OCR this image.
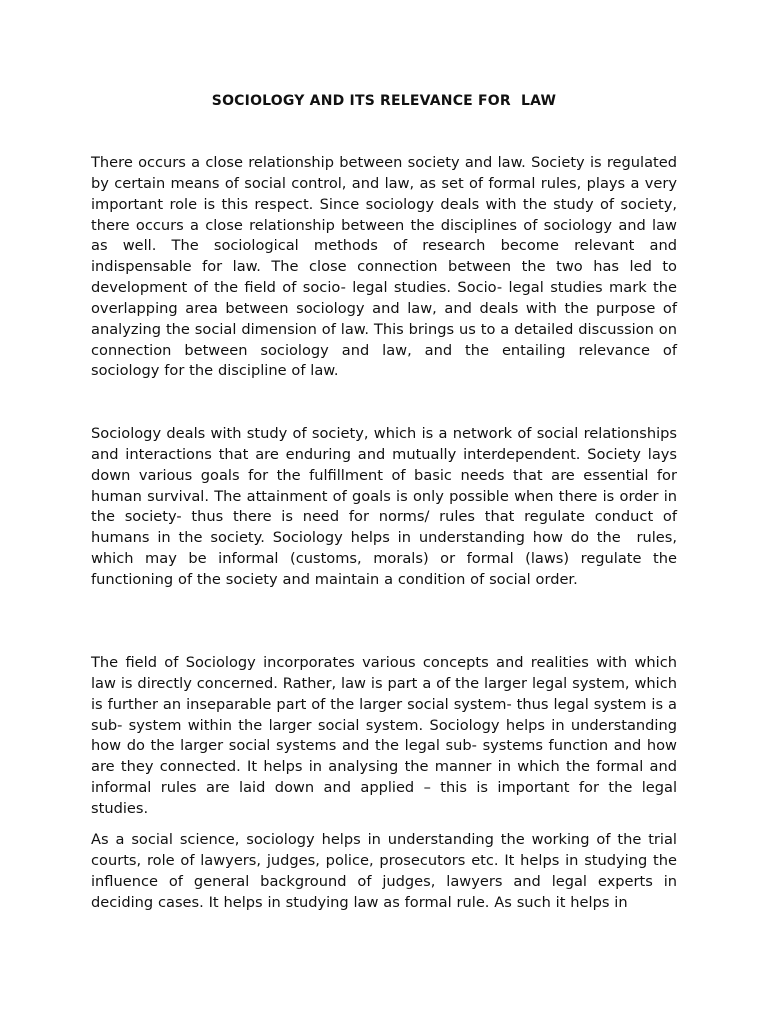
SOCIOLOGY AND ITS RELEVANCE FOR  LAW

There occurs a close relationship between society and law. Society is regulated by certain means of social control, and law, as set of formal rules, plays a very important role is this respect. Since sociology deals with the study of society, there occurs a close relationship between the disciplines of sociology and law as well. The sociological methods of research become relevant and indispensable for law. The close connection between the two has led to development of the field of socio- legal studies. Socio- legal studies mark the overlapping area between sociology and law, and deals with the purpose of analyzing the social dimension of law. This brings us to a detailed discussion on connection between sociology and law, and the entailing relevance of sociology for the discipline of law.

Sociology deals with study of society, which is a network of social relationships and interactions that are enduring and mutually interdependent. Society lays down various goals for the fulfillment of basic needs that are essential for human survival. The attainment of goals is only possible when there is order in the society- thus there is need for norms/ rules that regulate conduct of humans in the society. Sociology helps in understanding how do the  rules, which may be informal (customs, morals) or formal (laws) regulate the functioning of the society and maintain a condition of social order.

The field of Sociology incorporates various concepts and realities with which law is directly concerned. Rather, law is part a of the larger legal system, which is further an inseparable part of the larger social system- thus legal system is a sub- system within the larger social system. Sociology helps in understanding how do the larger social systems and the legal sub- systems function and how are they connected. It helps in analysing the manner in which the formal and informal rules are laid down and applied – this is important for the legal studies.

As a social science, sociology helps in understanding the working of the trial courts, role of lawyers, judges, police, prosecutors etc. It helps in studying the influence of general background of judges, lawyers and legal experts in deciding cases. It helps in studying law as formal rule. As such it helps in
